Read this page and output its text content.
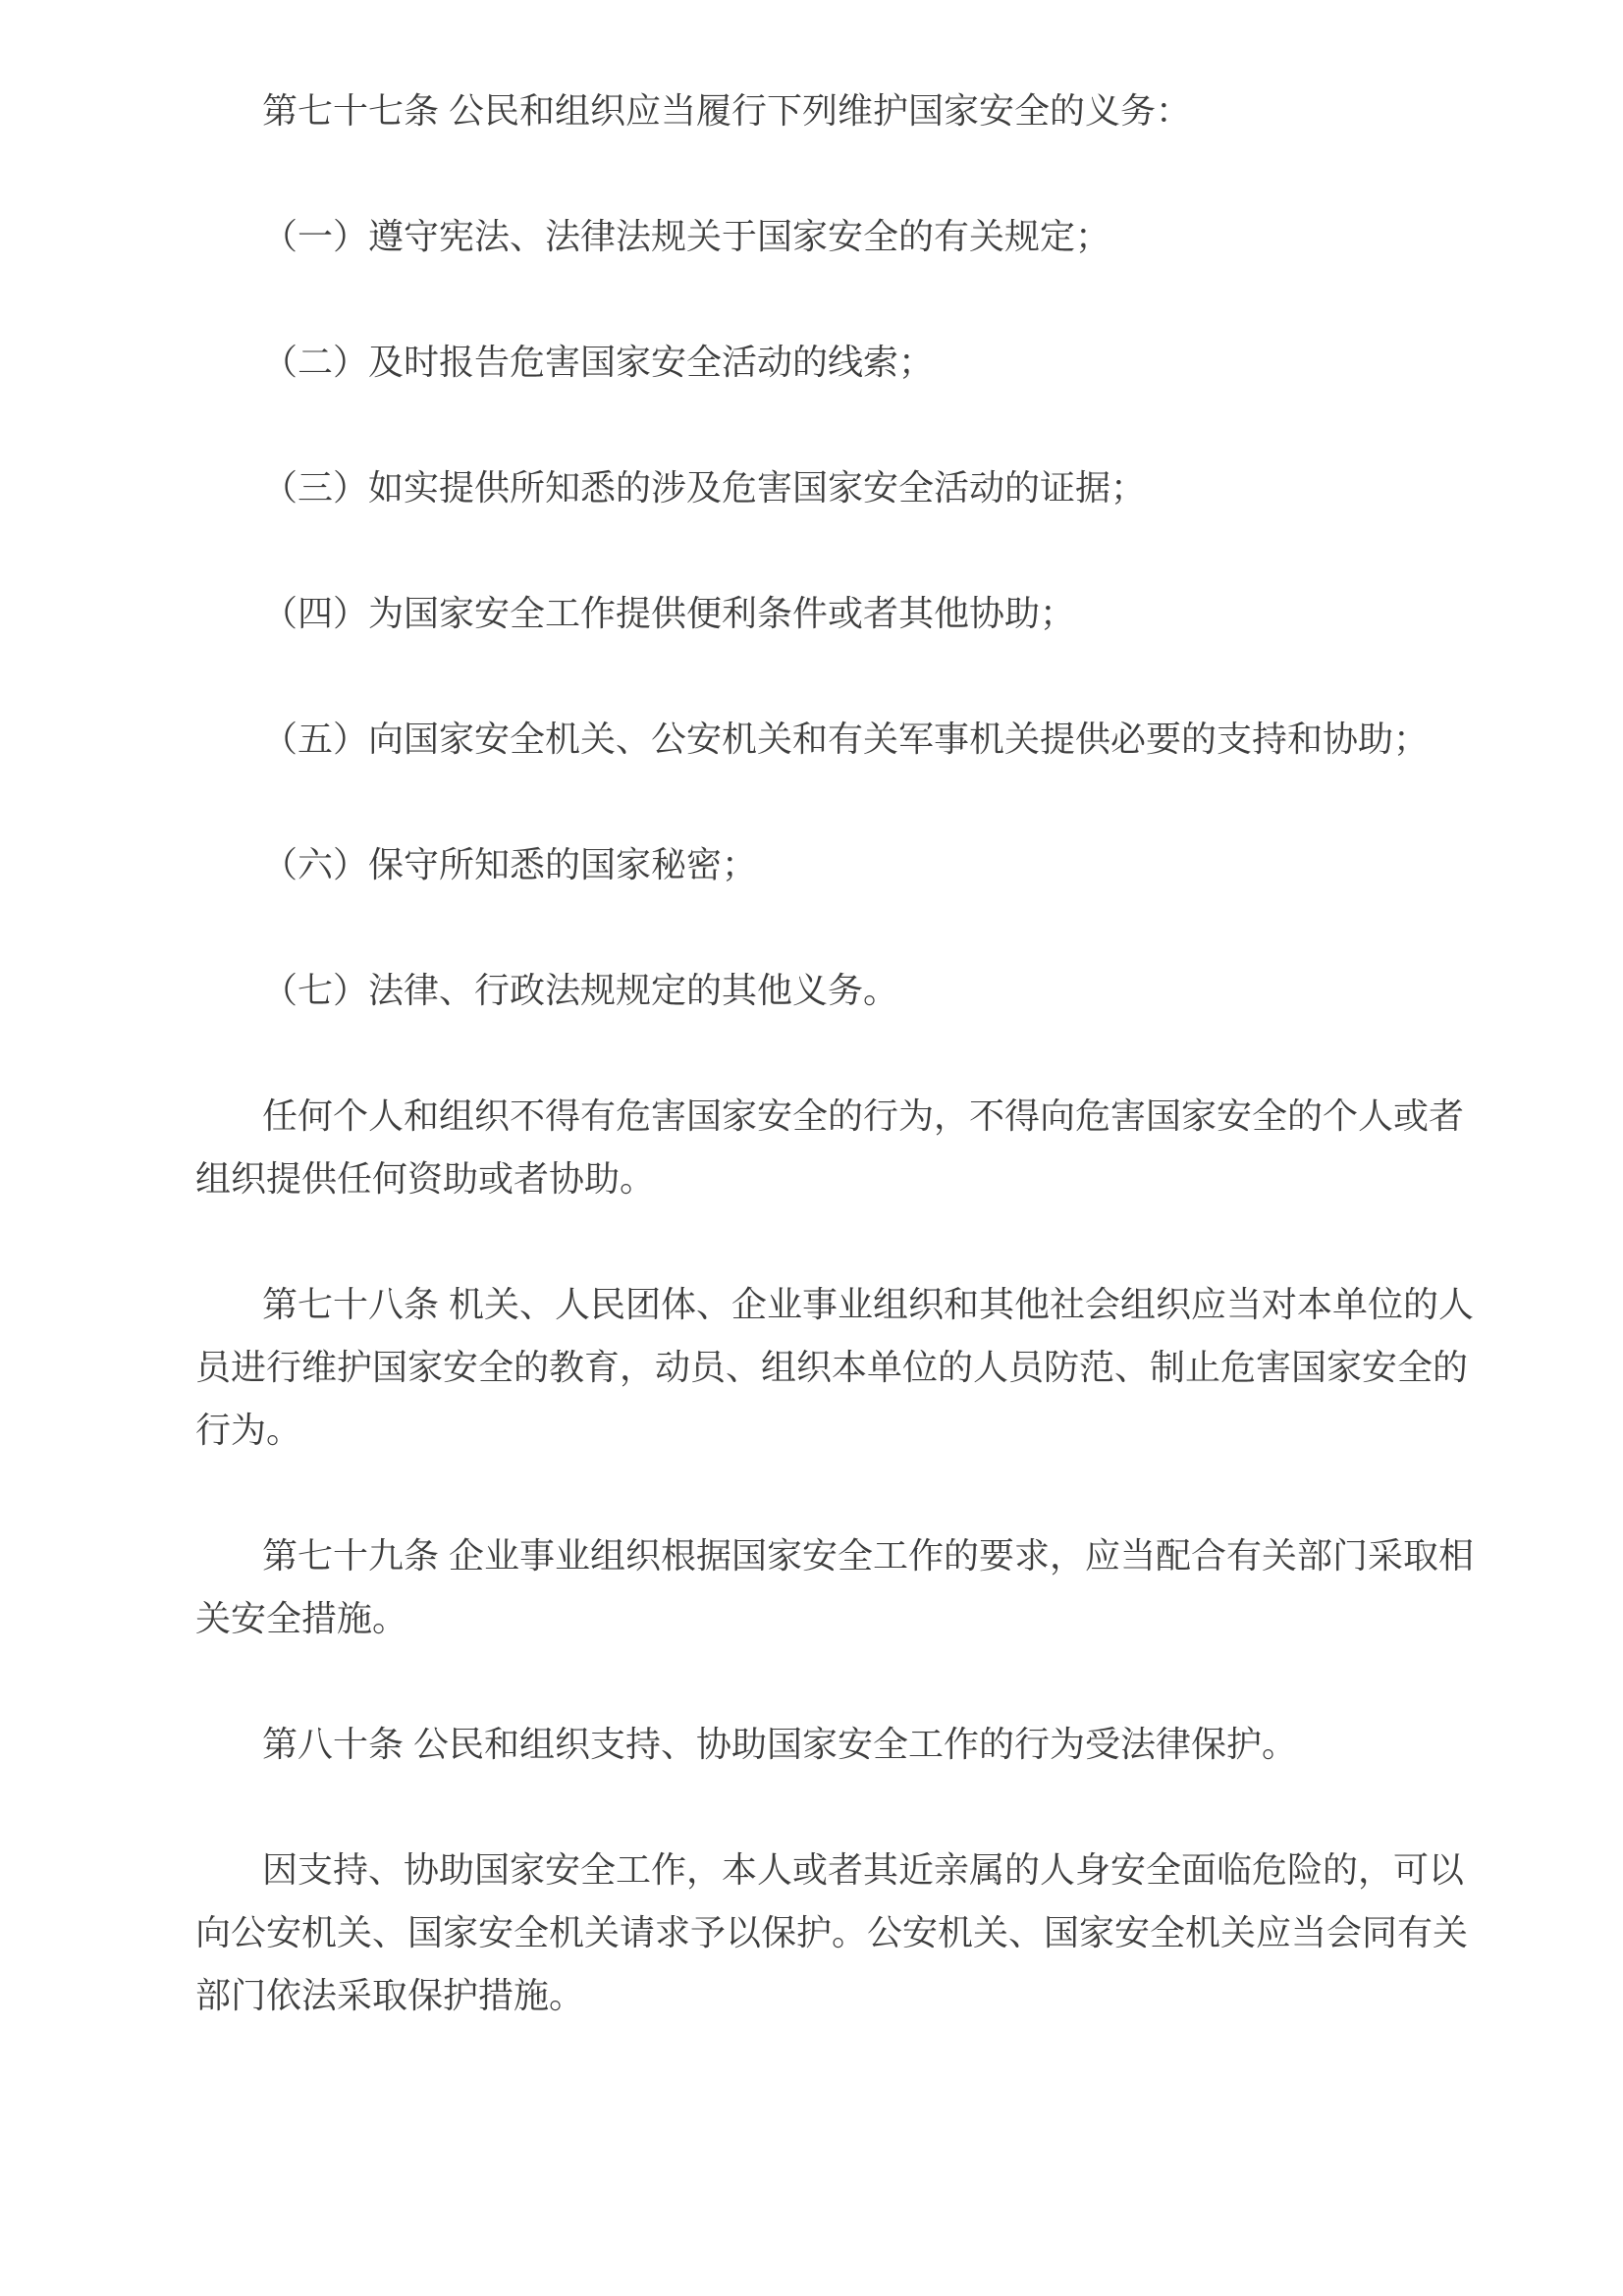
第七十七条 公民和组织应当履行下列维护国家安全的义务：
（一）遵守宪法、法律法规关于国家安全的有关规定；
（二）及时报告危害国家安全活动的线索；
（三）如实提供所知悉的涉及危害国家安全活动的证据；
（四）为国家安全工作提供便利条件或者其他协助；
（五）向国家安全机关、公安机关和有关军事机关提供必要的支持和协助；
（六）保守所知悉的国家秘密；
（七）法律、行政法规规定的其他义务。
任何个人和组织不得有危害国家安全的行为，不得向危害国家安全的个人或者
组织提供任何资助或者协助。
第七十八条 机关、人民团体、企业事业组织和其他社会组织应当对本单位的人
员进行维护国家安全的教育，动员、组织本单位的人员防范、制止危害国家安全的
行为。
第七十九条 企业事业组织根据国家安全工作的要求，应当配合有关部门采取相
关安全措施。
第八十条 公民和组织支持、协助国家安全工作的行为受法律保护。
因支持、协助国家安全工作，本人或者其近亲属的人身安全面临危险的，可以
向公安机关、国家安全机关请求予以保护。公安机关、国家安全机关应当会同有关
部门依法采取保护措施。
